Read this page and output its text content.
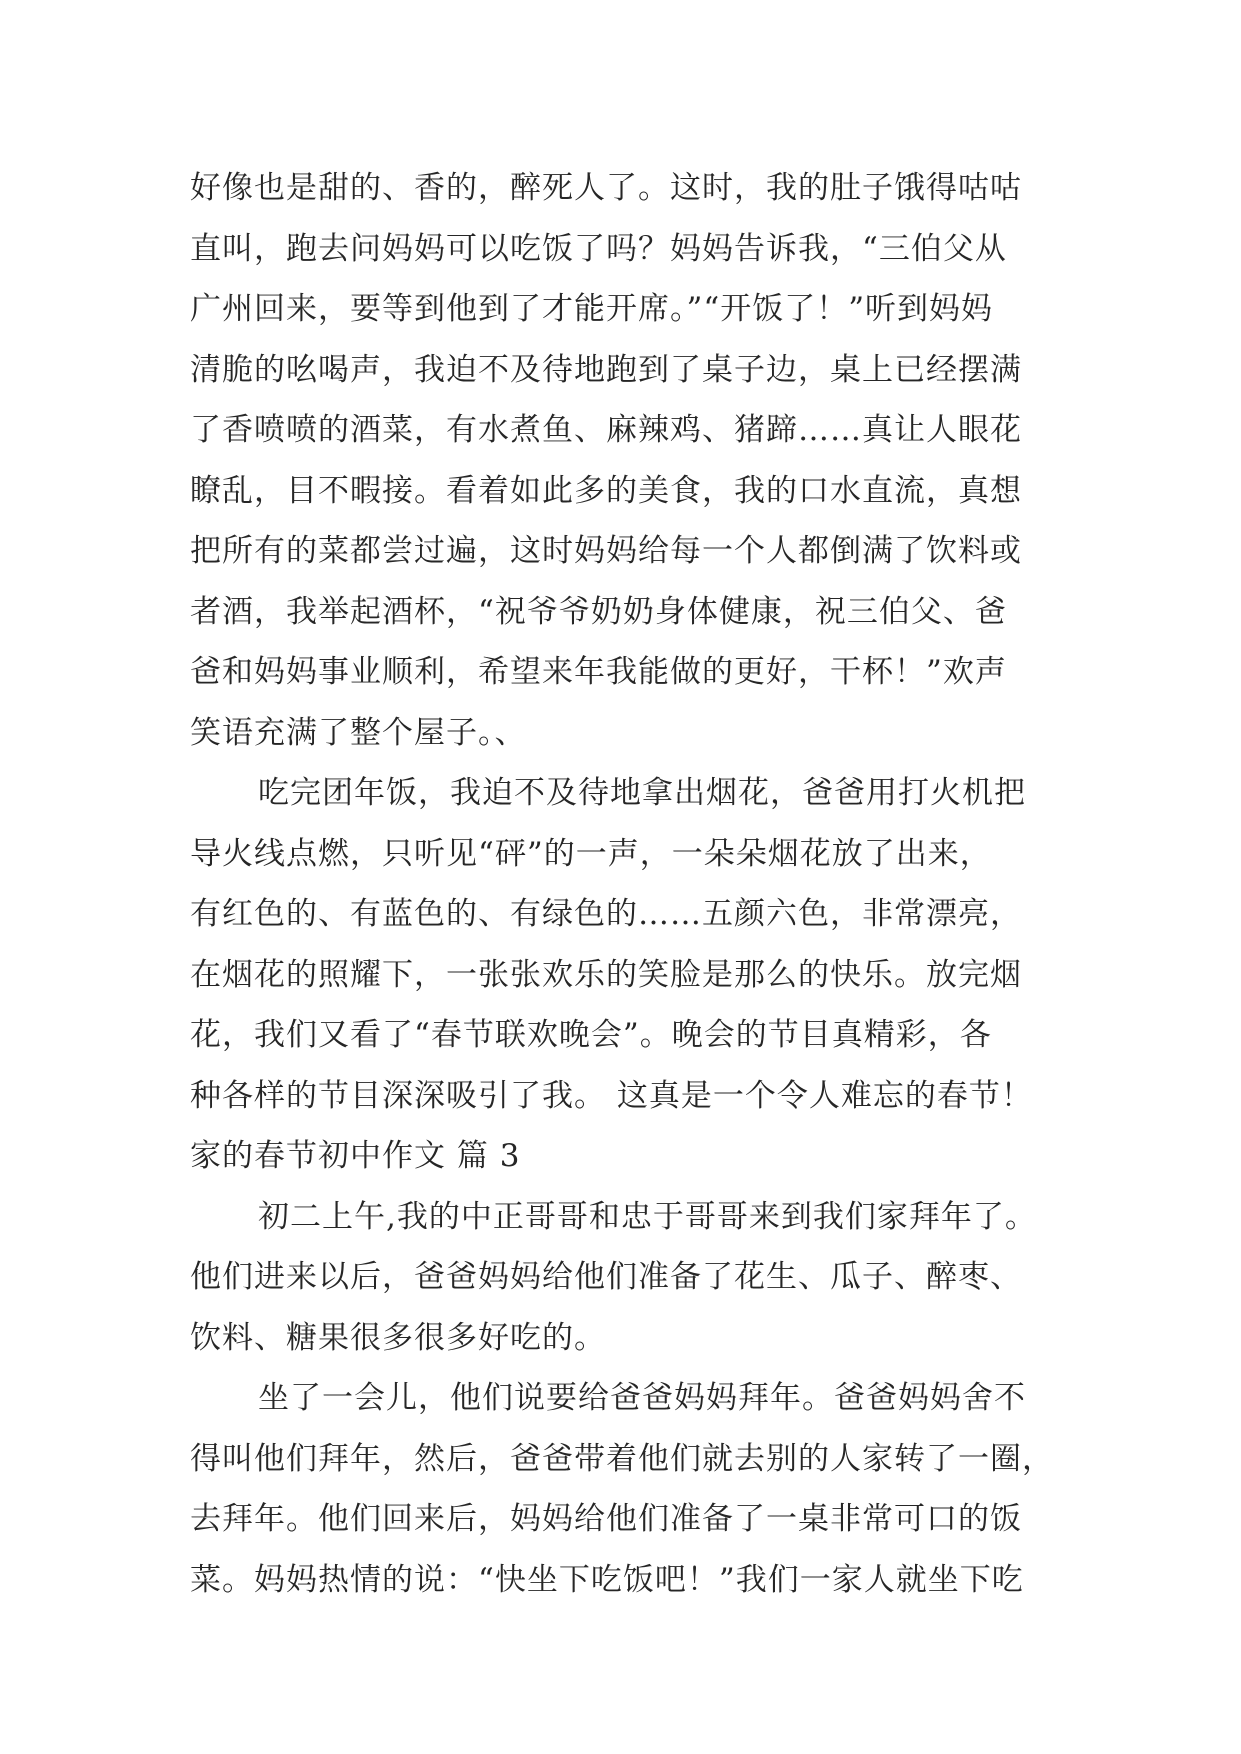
好像也是甜的、香的，醉死人了。这时，我的肚子饿得咕咕
直叫，跑去问妈妈可以吃饭了吗？妈妈告诉我，“三伯父从
广州回来，要等到他到了才能开席。”“开饭了！”听到妈妈
清脆的吆喝声，我迫不及待地跑到了桌子边，桌上已经摆满
了香喷喷的酒菜，有水煮鱼、麻辣鸡、猪蹄……真让人眼花
瞭乱，目不暇接。看着如此多的美食，我的口水直流，真想
把所有的菜都尝过遍，这时妈妈给每一个人都倒满了饮料或
者酒，我举起酒杯，“祝爷爷奶奶身体健康，祝三伯父、爸
爸和妈妈事业顺利，希望来年我能做的更好，干杯！”欢声
笑语充满了整个屋子。、
吃完团年饭，我迫不及待地拿出烟花，爸爸用打火机把
导火线点燃，只听见“砰”的一声，一朵朵烟花放了出来，
有红色的、有蓝色的、有绿色的……五颜六色，非常漂亮，
在烟花的照耀下，一张张欢乐的笑脸是那么的快乐。放完烟
花，我们又看了“春节联欢晚会”。晚会的节目真精彩，各
种各样的节目深深吸引了我。 这真是一个令人难忘的春节！
家的春节初中作文 篇 3
初二上午,我的中正哥哥和忠于哥哥来到我们家拜年了。
他们进来以后，爸爸妈妈给他们准备了花生、瓜子、醉枣、
饮料、糖果很多很多好吃的。
坐了一会儿，他们说要给爸爸妈妈拜年。爸爸妈妈舍不
得叫他们拜年，然后，爸爸带着他们就去别的人家转了一圈，
去拜年。他们回来后，妈妈给他们准备了一桌非常可口的饭
菜。妈妈热情的说：“快坐下吃饭吧！”我们一家人就坐下吃
